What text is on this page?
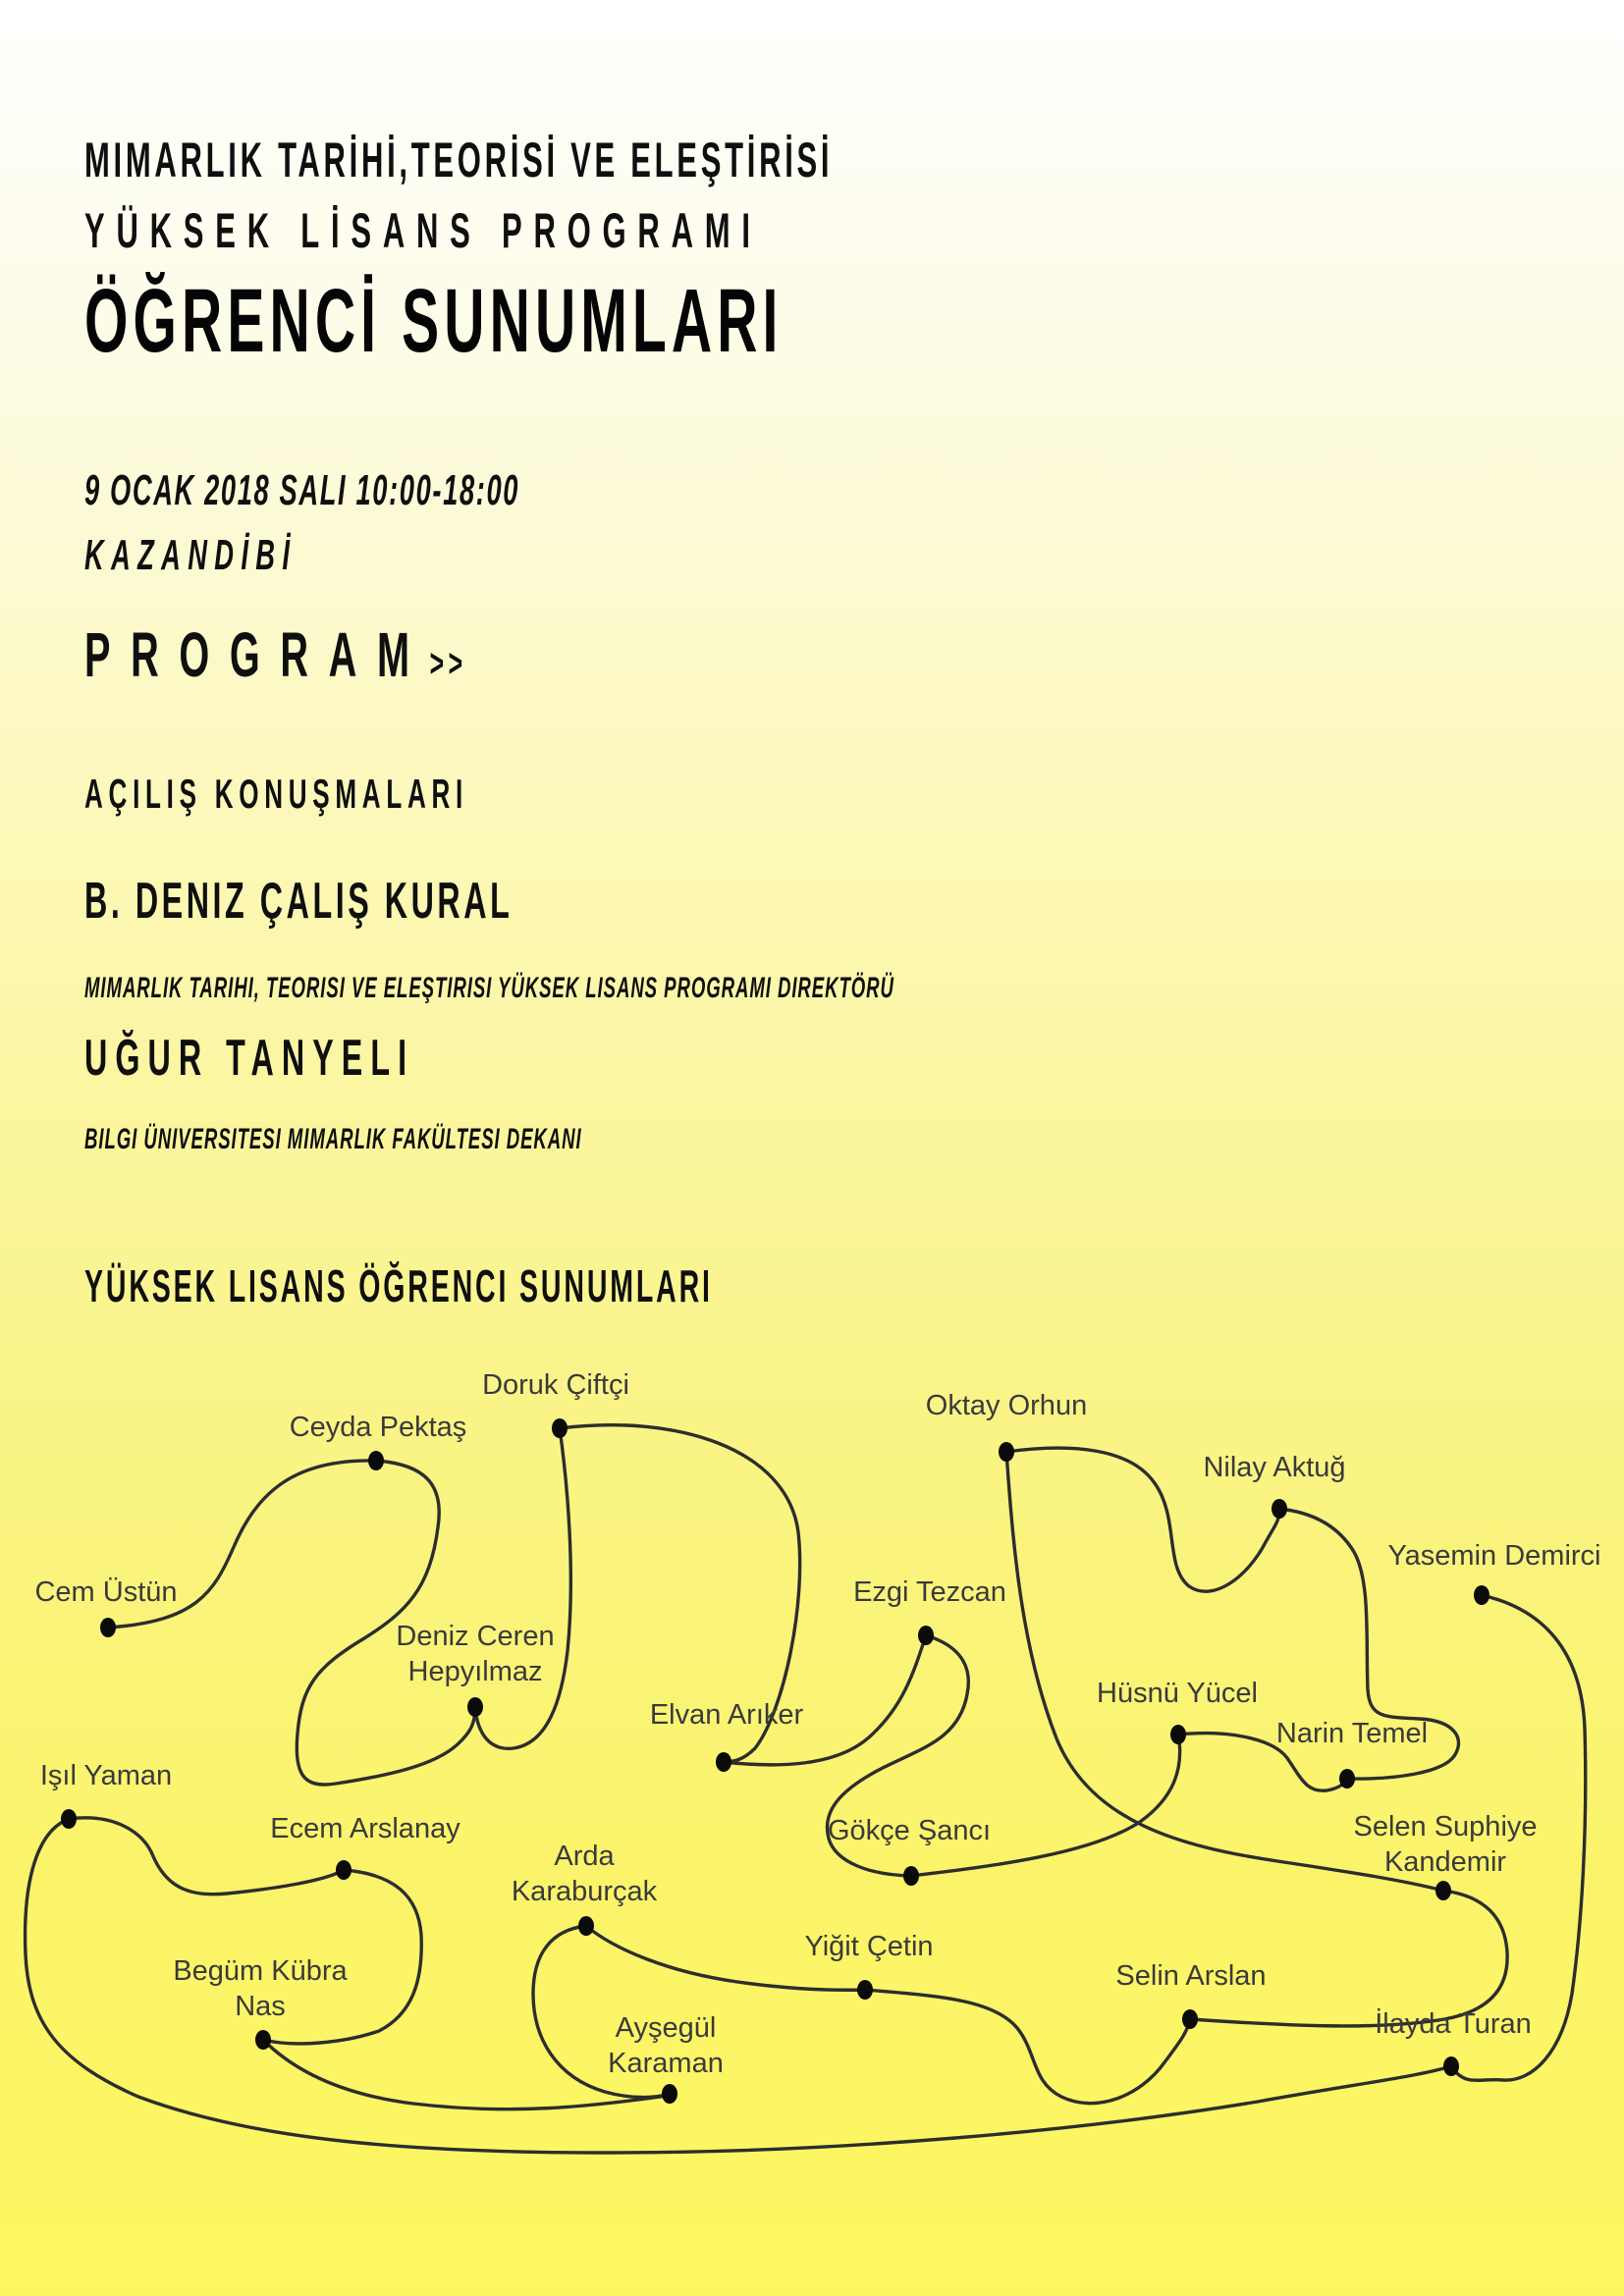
MIMARLIK TARİHİ,TEORİSİ VE ELEŞTİRİSİ
YÜKSEK LİSANS PROGRAMI
ÖĞRENCİ SUNUMLARI
9 OCAK 2018 SALI 10:00-18:00
KAZANDİBİ
PROGRAM>>
AÇILIŞ KONUŞMALARI
B. DENIZ ÇALIŞ KURAL
MIMARLIK TARIHI, TEORISI VE ELEŞTIRISI YÜKSEK LISANS PROGRAMI DIREKTÖRÜ
UĞUR TANYELI
BILGI ÜNIVERSITESI MIMARLIK FAKÜLTESI DEKANI
YÜKSEK LISANS ÖĞRENCI SUNUMLARI
Cem Üstün
Ceyda Pektaş
Doruk Çiftçi
Deniz Ceren
Hepyılmaz
Elvan Arıker
Ezgi Tezcan
Oktay Orhun
Nilay Aktuğ
Yasemin Demirci
Hüsnü Yücel
Narin Temel
Işıl Yaman
Ecem Arslanay	Gökçe Şancı	Selen Suphiye
Kandemir
Arda
Karaburçak
Yiğit Çetin
Selin Arslan
Begüm Kübra
Nas
Ayşegül
Karaman
İlayda Turan
